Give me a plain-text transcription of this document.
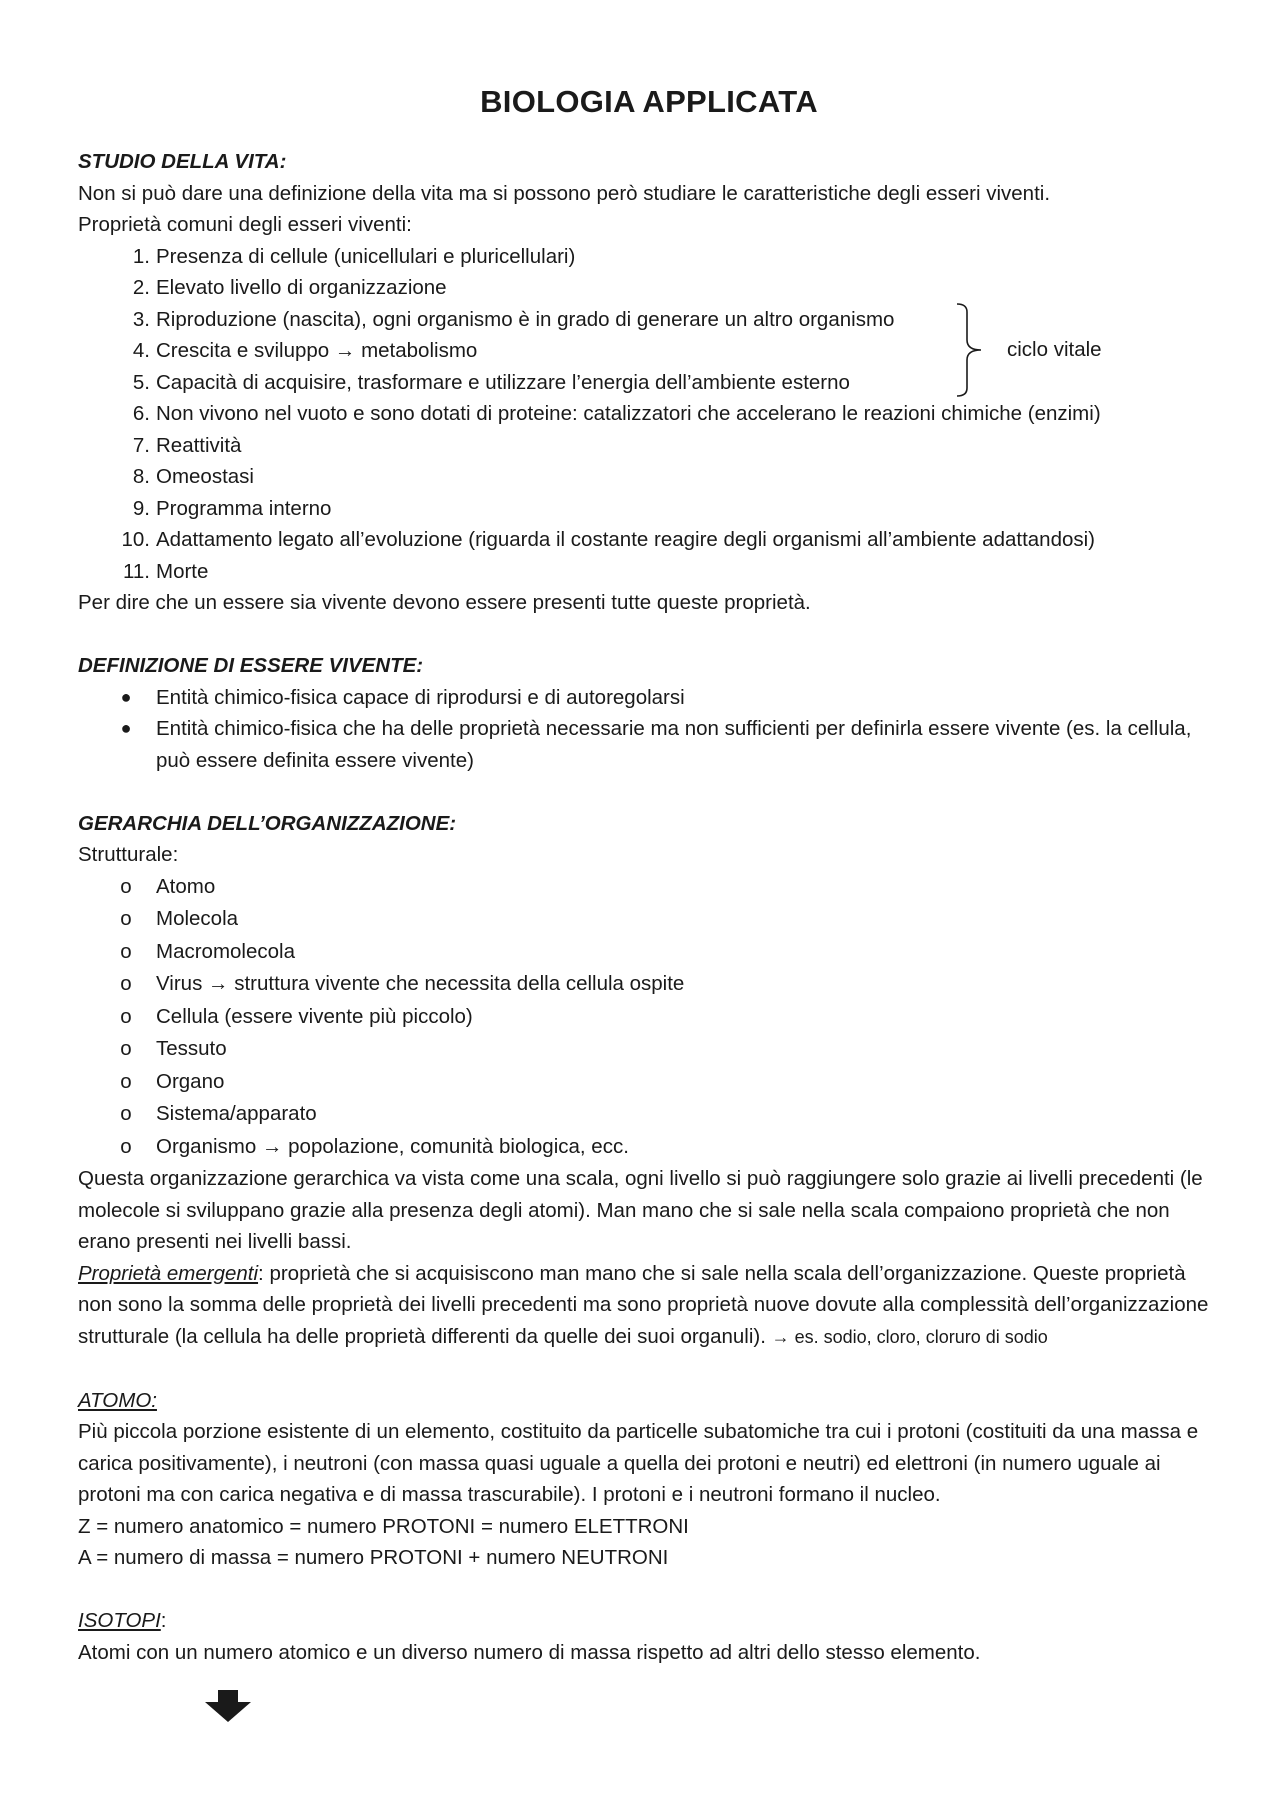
BIOLOGIA APPLICATA
STUDIO DELLA VITA:

Non si può dare una definizione della vita ma si possono però studiare le caratteristiche degli esseri viventi.

Proprietà comuni degli esseri viventi:

1. Presenza di cellule (unicellulari e pluricellulari)
2. Elevato livello di organizzazione
3. Riproduzione (nascita), ogni organismo è in grado di generare un altro organismo
4. Crescita e sviluppo → metabolismo
5. Capacità di acquisire, trasformare e utilizzare l’energia dell’ambiente esterno
6. Non vivono nel vuoto e sono dotati di proteine: catalizzatori che accelerano le reazioni chimiche (enzimi)
7. Reattività
8. Omeostasi
9. Programma interno
10. Adattamento legato all’evoluzione (riguarda il costante reagire degli organismi all’ambiente adattandosi)
11. Morte

Per dire che un essere sia vivente devono essere presenti tutte queste proprietà.

ciclo vitale
DEFINIZIONE DI ESSERE VIVENTE:
● Entità chimico-fisica capace di riprodursi e di autoregolarsi
● Entità chimico-fisica che ha delle proprietà necessarie ma non sufficienti per definirla essere vivente (es. la cellula, può essere definita essere vivente)
GERARCHIA DELL’ORGANIZZAZIONE:

Strutturale:

o Atomo
o Molecola
o Macromolecola
o Virus → struttura vivente che necessita della cellula ospite
o Cellula (essere vivente più piccolo)
o Tessuto
o Organo
o Sistema/apparato
o Organismo → popolazione, comunità biologica, ecc.

Questa organizzazione gerarchica va vista come una scala, ogni livello si può raggiungere solo grazie ai livelli precedenti (le molecole si sviluppano grazie alla presenza degli atomi). Man mano che si sale nella scala compaiono proprietà che non erano presenti nei livelli bassi.

Proprietà emergenti: proprietà che si acquisiscono man mano che si sale nella scala dell’organizzazione. Queste proprietà non sono la somma delle proprietà dei livelli precedenti ma sono proprietà nuove dovute alla complessità dell’organizzazione strutturale (la cellula ha delle proprietà differenti da quelle dei suoi organuli). → es. sodio, cloro, cloruro di sodio

ATOMO:

Più piccola porzione esistente di un elemento, costituito da particelle subatomiche tra cui i protoni (costituiti da una massa e carica positivamente), i neutroni (con massa quasi uguale a quella dei protoni e neutri) ed elettroni (in numero uguale ai protoni ma con carica negativa e di massa trascurabile). I protoni e i neutroni formano il nucleo.

Z = numero anatomico = numero PROTONI = numero ELETTRONI

A = numero di massa = numero PROTONI + numero NEUTRONI

ISOTOPI:

Atomi con un numero atomico e un diverso numero di massa rispetto ad altri dello stesso elemento.
